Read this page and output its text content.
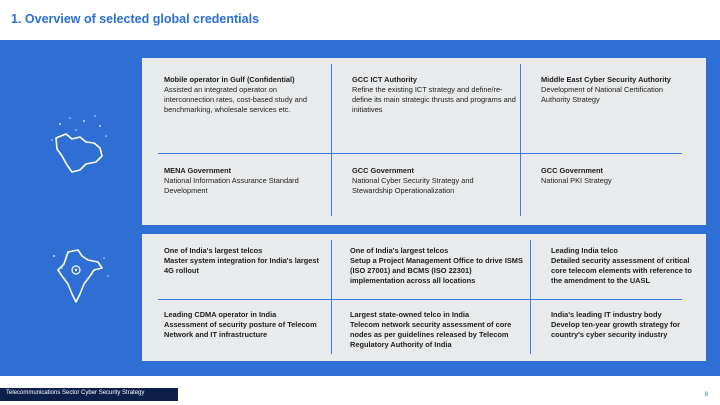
1. Overview of selected global credentials
Mobile operator in Gulf (Confidential)
Assisted an integrated operator on interconnection rates, cost-based study and benchmarking, wholesale services etc.
GCC ICT Authority
Refine the existing ICT strategy and define/re-define its main strategic thrusts and programs and initiatives
Middle East Cyber Security Authority
Development of National Certification Authority Strategy
MENA Government
National Information Assurance Standard Development
GCC Government
National Cyber Security Strategy and Stewardship Operationalization
GCC Government
National PKI Strategy
One of India's largest telcos
Master system integration for India's largest 4G rollout
One of India's largest telcos
Setup a Project Management Office to drive ISMS (ISO 27001) and BCMS (ISO 22301) implementation across all locations
Leading India telco
Detailed security assessment of critical core telecom elements with reference to the amendment to the UASL
Leading CDMA operator in India
Assessment of security posture of Telecom Network and IT infrastructure
Largest state-owned telco in India
Telecom network security assessment of core nodes as per guidelines released by Telecom Regulatory Authority of India
India's leading IT industry body
Develop ten-year growth strategy for country's cyber security industry
Telecommunications Sector Cyber Security Strategy	8
